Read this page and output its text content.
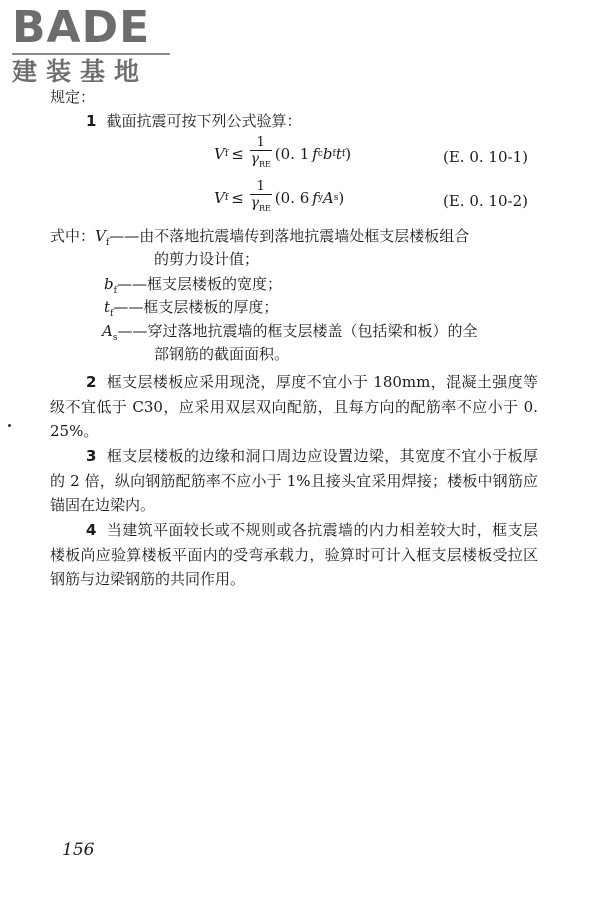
BADE
建装基地
规定：
1 截面抗震可按下列公式验算：
V $f \le \frac{1}{\gamma_{RE}} (0$. 1 f c b f t f )	(E. 0. 10-1)
V $f \le \frac{1}{\gamma_{RE}} (0$. 6 f y A s )	(E. 0. 10-2)
式中：$V_f——$由不落地抗震墙传到落地抗震墙处框支层楼板组合
的剪力设计值；
$b_f——$框支层楼板的宽度；
$t_f——$框支层楼板的厚度；
$A_s——$穿过落地抗震墙的框支层楼盖（包括梁和板）的全
部钢筋的截面面积。
2 框支层楼板应采用现浇，厚度不宜小于 180mm，混凝土强度等级不宜低于 C30，应采用双层双向配筋，且每方向的配筋率不应小于 0. 25%。
3 框支层楼板的边缘和洞口周边应设置边梁，其宽度不宜小于板厚的 2 倍，纵向钢筋配筋率不应小于 1%且接头宜采用焊接；楼板中钢筋应锚固在边梁内。
4 当建筑平面较长或不规则或各抗震墙的内力相差较大时，框支层楼板尚应验算楼板平面内的受弯承载力，验算时可计入框支层楼板受拉区钢筋与边梁钢筋的共同作用。
156
